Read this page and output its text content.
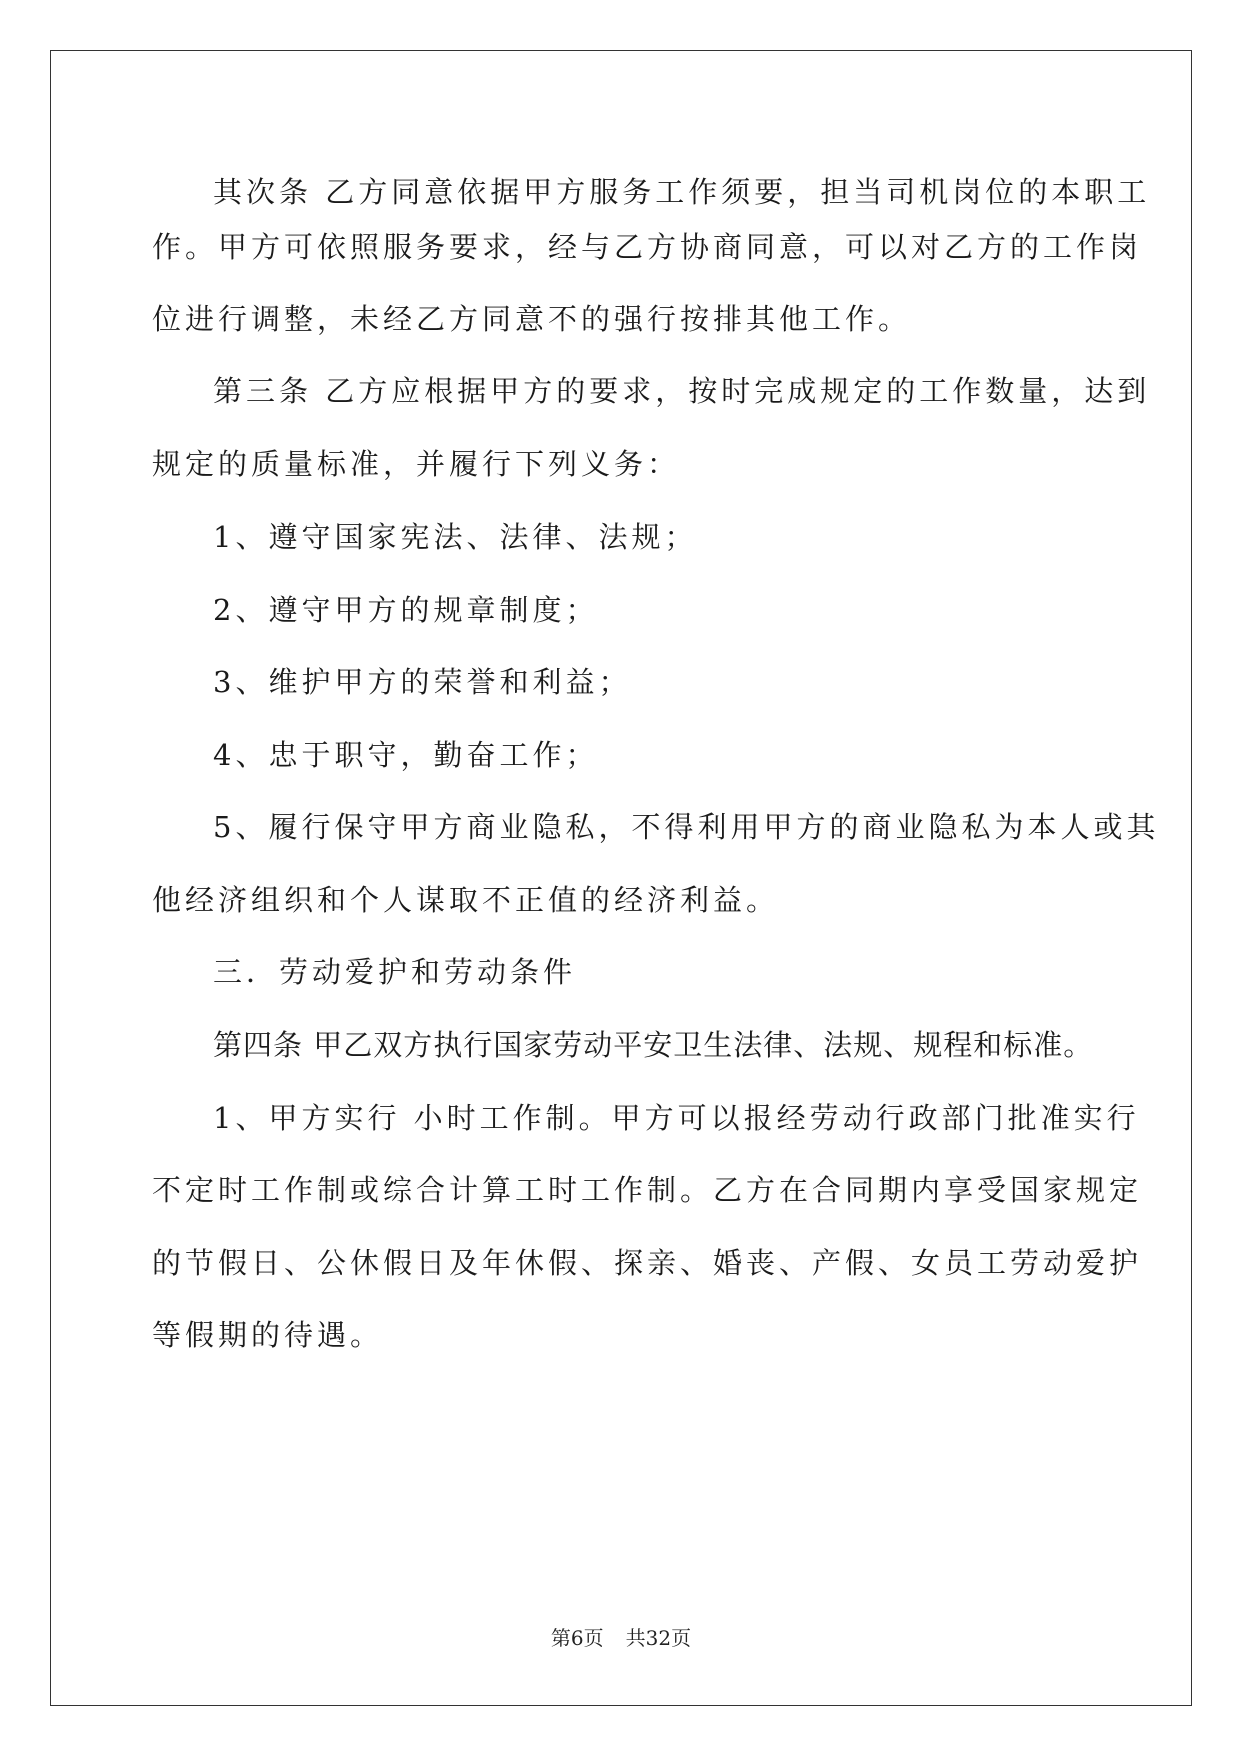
其次条 乙方同意依据甲方服务工作须要，担当司机岗位的本职工
作。甲方可依照服务要求，经与乙方协商同意，可以对乙方的工作岗
位进行调整，未经乙方同意不的强行按排其他工作。
第三条 乙方应根据甲方的要求，按时完成规定的工作数量，达到
规定的质量标准，并履行下列义务：
1、遵守国家宪法、法律、法规；
2、遵守甲方的规章制度；
3、维护甲方的荣誉和利益；
4、忠于职守，勤奋工作；
5、履行保守甲方商业隐私，不得利用甲方的商业隐私为本人或其
他经济组织和个人谋取不正值的经济利益。
三．劳动爱护和劳动条件
第四条 甲乙双方执行国家劳动平安卫生法律、法规、规程和标准。
1、甲方实行 小时工作制。甲方可以报经劳动行政部门批准实行
不定时工作制或综合计算工时工作制。乙方在合同期内享受国家规定
的节假日、公休假日及年休假、探亲、婚丧、产假、女员工劳动爱护
等假期的待遇。
第6页 共32页
